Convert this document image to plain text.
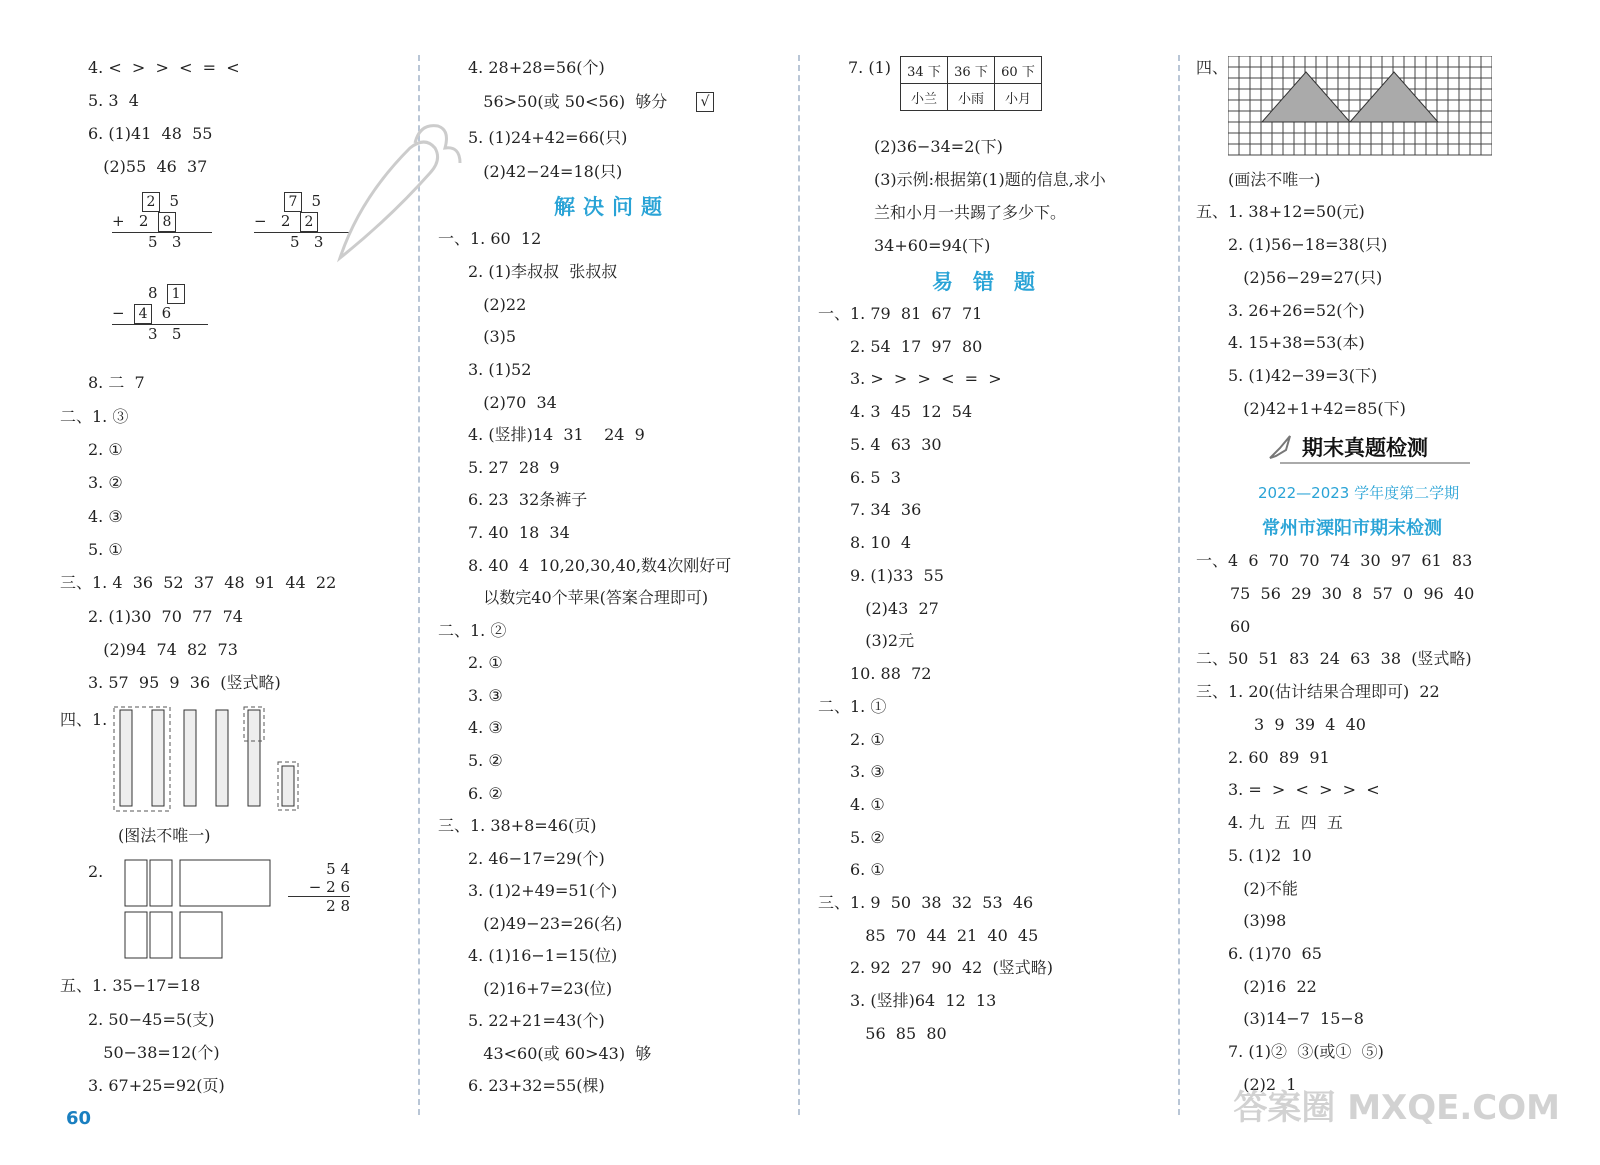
4. <  >  >  <  =  <
5. 3  4
6. (1)41  48  55
(2)55  46  37
8. 二  7
二、1. ③
2. ①
3. ②
4. ③
5. ①
三、1. 4  36  52  37  48  91  44  22
2. (1)30  70  77  74
(2)94  74  82  73
3. 57  95  9  36  (竖式略)
四、1.
(图法不唯一)
2.
五、1. 35−17=18
2. 50−45=5(支)
50−38=12(个)
3. 67+25=92(页)
4. 28+28=56(个)
56>50(或 50<56)  够分
5. (1)24+42=66(只)
(2)42−24=18(只)
一、1. 60  12
2. (1)李叔叔  张叔叔
(2)22
(3)5
3. (1)52
(2)70  34
4. (竖排)14  31    24  9
5. 27  28  9
6. 23  32条裤子
7. 40  18  34
8. 40  4  10,20,30,40,数4次刚好可
以数完40个苹果(答案合理即可)
二、1. ②
2. ①
3. ③
4. ③
5. ②
6. ②
三、1. 38+8=46(页)
2. 46−17=29(个)
3. (1)2+49=51(个)
(2)49−23=26(名)
4. (1)16−1=15(位)
(2)16+7=23(位)
5. 22+21=43(个)
43<60(或 60>43)  够
6. 23+32=55(棵)
7. (1)
(2)36−34=2(下)
(3)示例:根据第(1)题的信息,求小
兰和小月一共踢了多少下。
34+60=94(下)
一、1. 79  81  67  71
2. 54  17  97  80
3. >  >  >  <  =  >
4. 3  45  12  54
5. 4  63  30
6. 5  3
7. 34  36
8. 10  4
9. (1)33  55
(2)43  27
(3)2元
10. 88  72
二、1. ①
2. ①
3. ③
4. ①
5. ②
6. ①
三、1. 9  50  38  32  53  46
85  70  44  21  40  45
2. 92  27  90  42  (竖式略)
3. (竖排)64  12  13
56  85  80
四、
(画法不唯一)
五、1. 38+12=50(元)
2. (1)56−18=38(只)
(2)56−29=27(只)
3. 26+26=52(个)
4. 15+38=53(本)
5. (1)42−39=3(下)
(2)42+1+42=85(下)
一、4  6  70  70  74  30  97  61  83
75  56  29  30  8  57  0  96  40
60
二、50  51  83  24  63  38  (竖式略)
三、1. 20(估计结果合理即可)  22
3  9  39  4  40
2. 60  89  91
3. =  >  <  >  >  <
4. 九  五  四  五
5. (1)2  10
(2)不能
(3)98
6. (1)70  65
(2)16  22
(3)14−7  15−8
7. (1)②  ③(或①  ⑤)
(2)2  1
2 5
+ 2 8
5 3
7 5
− 2 2
5 3
8 1
− 4 6
3 5
5 4
− 2 6
2 8
√
解决问题
易错题
期末真题检测
2022—2023 学年度第二学期
常州市溧阳市期末检测
34 下	36 下	60 下
小兰	小雨	小月
60	答案圈 MXQE.COM
